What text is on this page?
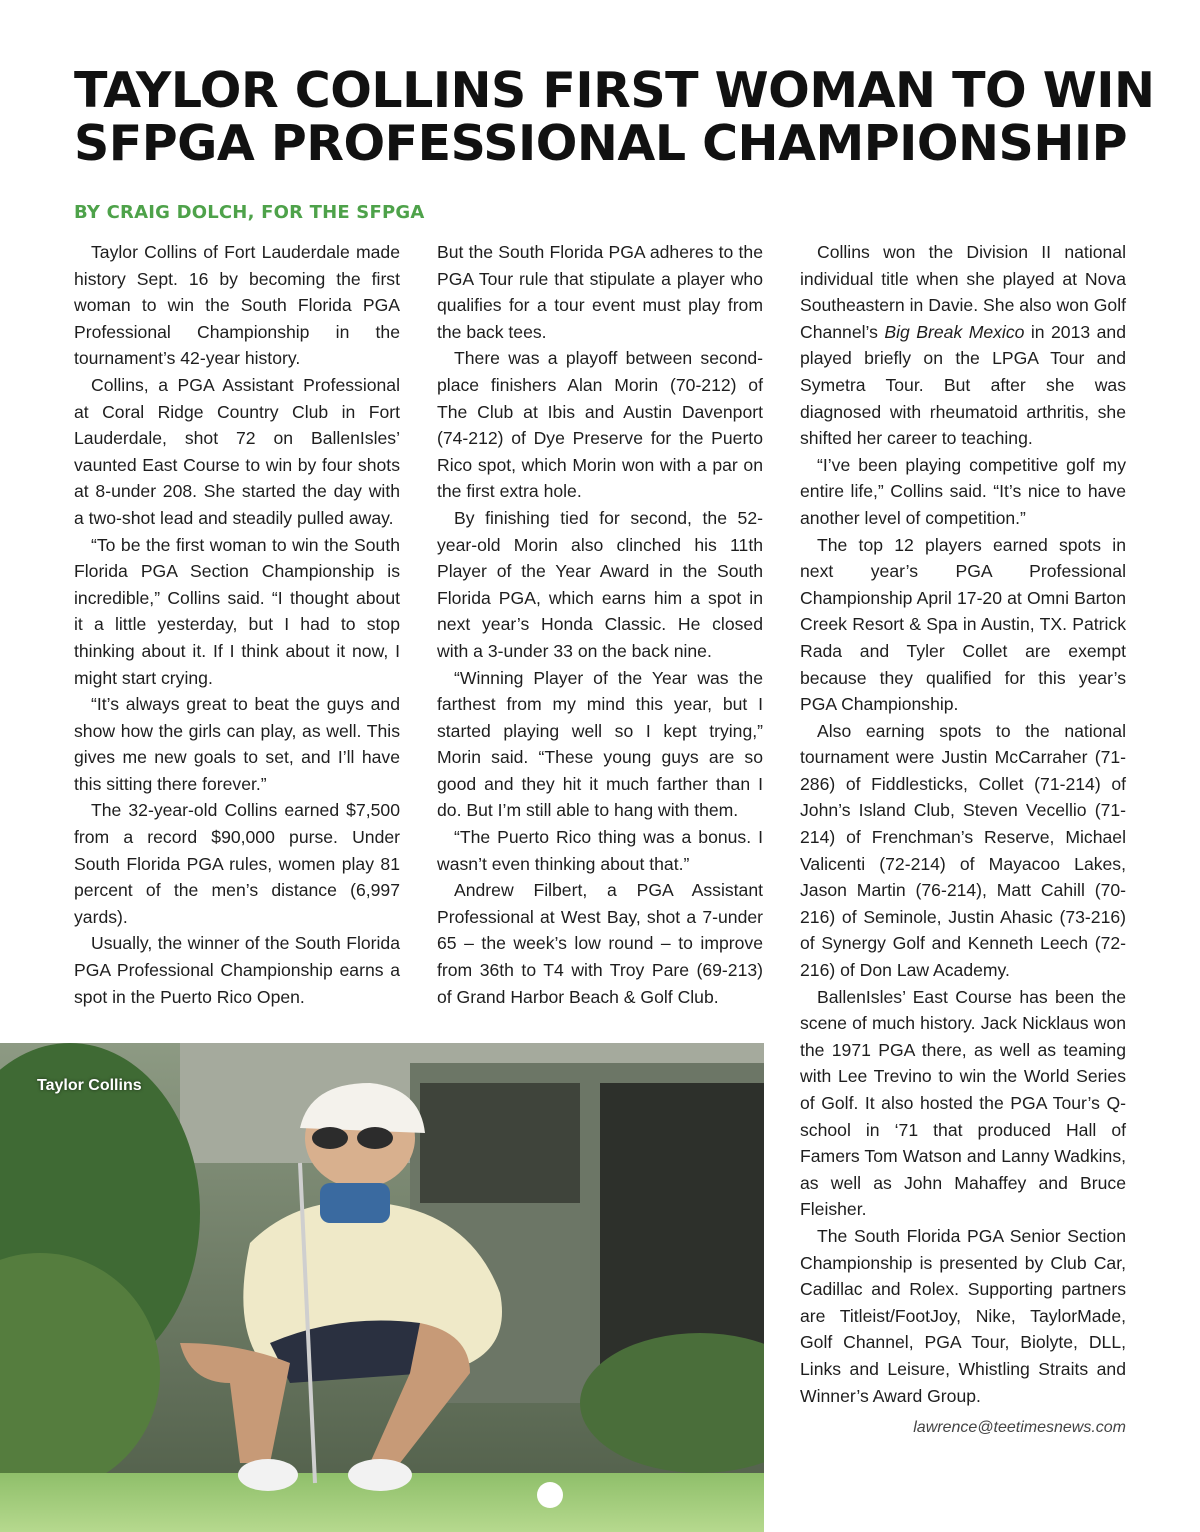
TAYLOR COLLINS FIRST WOMAN TO WIN
SFPGA PROFESSIONAL CHAMPIONSHIP
BY CRAIG DOLCH, FOR THE SFPGA

Taylor Collins of Fort Lauderdale made history Sept. 16 by becoming the first woman to win the South Florida PGA Professional Championship in the tournament’s 42-year history.

Collins, a PGA Assistant Professional at Coral Ridge Country Club in Fort Lauderdale, shot 72 on BallenIsles’ vaunted East Course to win by four shots at 8-under 208. She started the day with a two-shot lead and steadily pulled away.

“To be the first woman to win the South Florida PGA Section Championship is incredible,” Collins said. “I thought about it a little yesterday, but I had to stop thinking about it. If I think about it now, I might start crying.

“It’s always great to beat the guys and show how the girls can play, as well. This gives me new goals to set, and I’ll have this sitting there forever.”

The 32-year-old Collins earned $7,500 from a record $90,000 purse. Under South Florida PGA rules, women play 81 percent of the men’s distance (6,997 yards).

Usually, the winner of the South Florida PGA Professional Championship earns a spot in the Puerto Rico Open.

But the South Florida PGA adheres to the PGA Tour rule that stipulate a player who qualifies for a tour event must play from the back tees.

There was a playoff between second-place finishers Alan Morin (70-212) of The Club at Ibis and Austin Davenport (74-212) of Dye Preserve for the Puerto Rico spot, which Morin won with a par on the first extra hole.

By finishing tied for second, the 52-year-old Morin also clinched his 11th Player of the Year Award in the South Florida PGA, which earns him a spot in next year’s Honda Classic. He closed with a 3-under 33 on the back nine.

“Winning Player of the Year was the farthest from my mind this year, but I started playing well so I kept trying,” Morin said. “These young guys are so good and they hit it much farther than I do. But I’m still able to hang with them.

“The Puerto Rico thing was a bonus. I wasn’t even thinking about that.”

Andrew Filbert, a PGA Assistant Professional at West Bay, shot a 7-under 65 – the week’s low round – to improve from 36th to T4 with Troy Pare (69-213) of Grand Harbor Beach & Golf Club.

Collins won the Division II national individual title when she played at Nova Southeastern in Davie. She also won Golf Channel’s Big Break Mexico in 2013 and played briefly on the LPGA Tour and Symetra Tour. But after she was diagnosed with rheumatoid arthritis, she shifted her career to teaching.

“I’ve been playing competitive golf my entire life,” Collins said. “It’s nice to have another level of competition.”

The top 12 players earned spots in next year’s PGA Professional Championship April 17-20 at Omni Barton Creek Resort & Spa in Austin, TX. Patrick Rada and Tyler Collet are exempt because they qualified for this year’s PGA Championship.

Also earning spots to the national tournament were Justin McCarraher (71-286) of Fiddlesticks, Collet (71-214) of John’s Island Club, Steven Vecellio (71-214) of Frenchman’s Reserve, Michael Valicenti (72-214) of Mayacoo Lakes, Jason Martin (76-214), Matt Cahill (70-216) of Seminole, Justin Ahasic (73-216) of Synergy Golf and Kenneth Leech (72-216) of Don Law Academy.

BallenIsles’ East Course has been the scene of much history. Jack Nicklaus won the 1971 PGA there, as well as teaming with Lee Trevino to win the World Series of Golf. It also hosted the PGA Tour’s Q-school in ‘71 that produced Hall of Famers Tom Watson and Lanny Wadkins, as well as John Mahaffey and Bruce Fleisher.

The South Florida PGA Senior Section Championship is presented by Club Car, Cadillac and Rolex. Supporting partners are Titleist/FootJoy, Nike, TaylorMade, Golf Channel, PGA Tour, Biolyte, DLL, Links and Leisure, Whistling Straits and Winner’s Award Group.

lawrence@teetimesnews.com
Taylor Collins
